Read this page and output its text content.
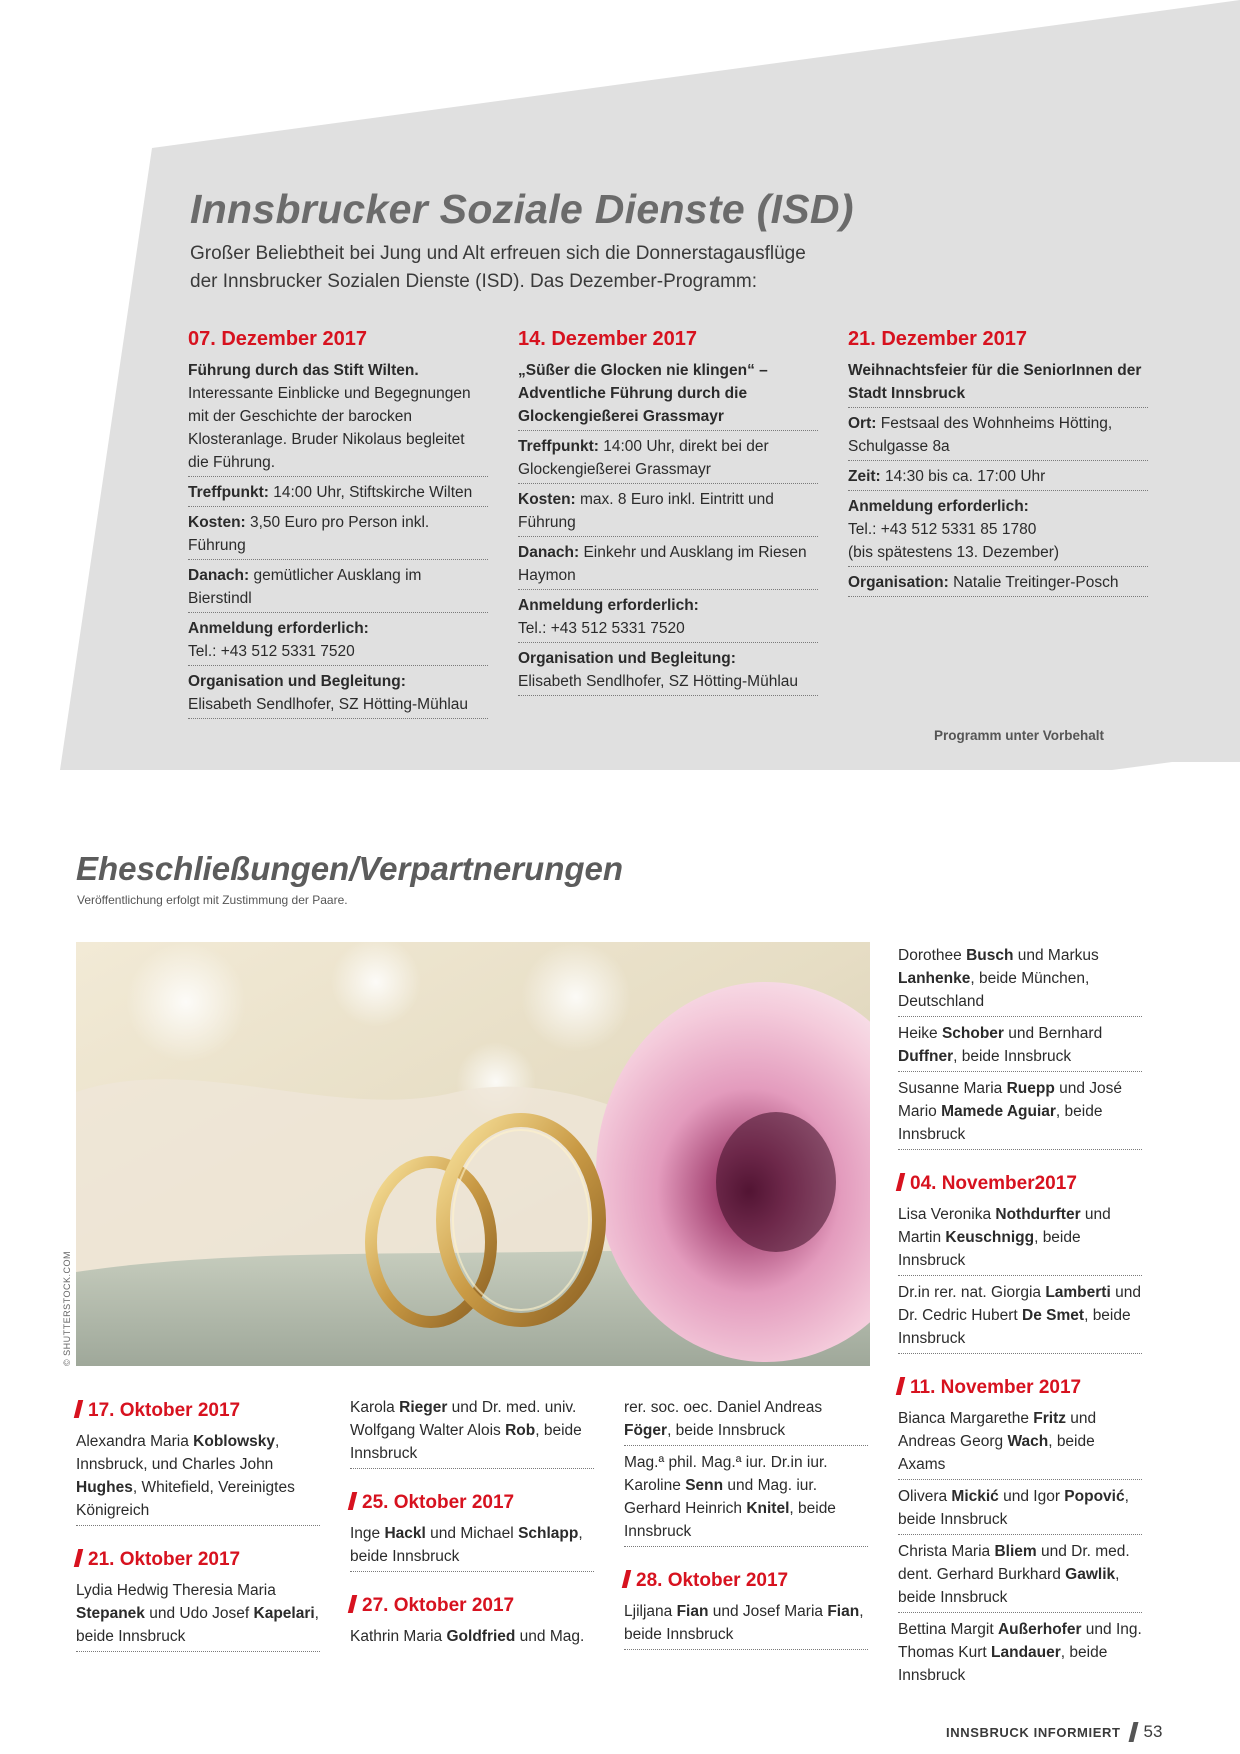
Innsbrucker Soziale Dienste (ISD)
Großer Beliebtheit bei Jung und Alt erfreuen sich die Donnerstagausflüge der Innsbrucker Sozialen Dienste (ISD). Das Dezember-Programm:
07. Dezember 2017
Führung durch das Stift Wilten.
Interessante Einblicke und Begegnungen mit der Geschichte der barocken Klosteranlage. Bruder Nikolaus begleitet die Führung.
Treffpunkt: 14:00 Uhr, Stiftskirche Wilten
Kosten: 3,50 Euro pro Person inkl. Führung
Danach: gemütlicher Ausklang im Bierstindl
Anmeldung erforderlich:
Tel.: +43 512 5331 7520
Organisation und Begleitung:
Elisabeth Sendlhofer, SZ Hötting-Mühlau
14. Dezember 2017
„Süßer die Glocken nie klingen“ – Adventliche Führung durch die Glockengießerei Grassmayr
Treffpunkt: 14:00 Uhr, direkt bei der Glockengießerei Grassmayr
Kosten: max. 8 Euro inkl. Eintritt und Führung
Danach: Einkehr und Ausklang im Riesen Haymon
Anmeldung erforderlich:
Tel.: +43 512 5331 7520
Organisation und Begleitung:
Elisabeth Sendlhofer, SZ Hötting-Mühlau
21. Dezember 2017
Weihnachtsfeier für die SeniorInnen der Stadt Innsbruck
Ort: Festsaal des Wohnheims Hötting, Schulgasse 8a
Zeit: 14:30 bis ca. 17:00 Uhr
Anmeldung erforderlich:
Tel.: +43 512 5331 85 1780
(bis spätestens 13. Dezember)
Organisation: Natalie Treitinger-Posch
Programm unter Vorbehalt
Eheschließungen/Verpartnerungen
Veröffentlichung erfolgt mit Zustimmung der Paare.
© SHUTTERSTOCK.COM
17. Oktober 2017
Alexandra Maria Koblowsky, Innsbruck, und Charles John Hughes, Whitefield, Vereinigtes Königreich
21. Oktober 2017
Lydia Hedwig Theresia Maria Stepanek und Udo Josef Kapelari, beide Innsbruck
Karola Rieger und Dr. med. univ. Wolfgang Walter Alois Rob, beide Innsbruck
25. Oktober 2017
Inge Hackl und Michael Schlapp, beide Innsbruck
27. Oktober 2017
Kathrin Maria Goldfried und Mag.
rer. soc. oec. Daniel Andreas Föger, beide Innsbruck
Mag.ª phil. Mag.ª iur. Dr.in iur. Karoline Senn und Mag. iur. Gerhard Heinrich Knitel, beide Innsbruck
28. Oktober 2017
Ljiljana Fian und Josef Maria Fian, beide Innsbruck
Dorothee Busch und Markus Lanhenke, beide München, Deutschland
Heike Schober und Bernhard Duffner, beide Innsbruck
Susanne Maria Ruepp und José Mario Mamede Aguiar, beide Innsbruck
04. November2017
Lisa Veronika Nothdurfter und Martin Keuschnigg, beide Innsbruck
Dr.in rer. nat. Giorgia Lamberti und Dr. Cedric Hubert De Smet, beide Innsbruck
11. November 2017
Bianca Margarethe Fritz und Andreas Georg Wach, beide Axams
Olivera Mickić und Igor Popović, beide Innsbruck
Christa Maria Bliem und Dr. med. dent. Gerhard Burkhard Gawlik, beide Innsbruck
Bettina Margit Außerhofer und Ing. Thomas Kurt Landauer, beide Innsbruck
INNSBRUCK INFORMIERT 53
